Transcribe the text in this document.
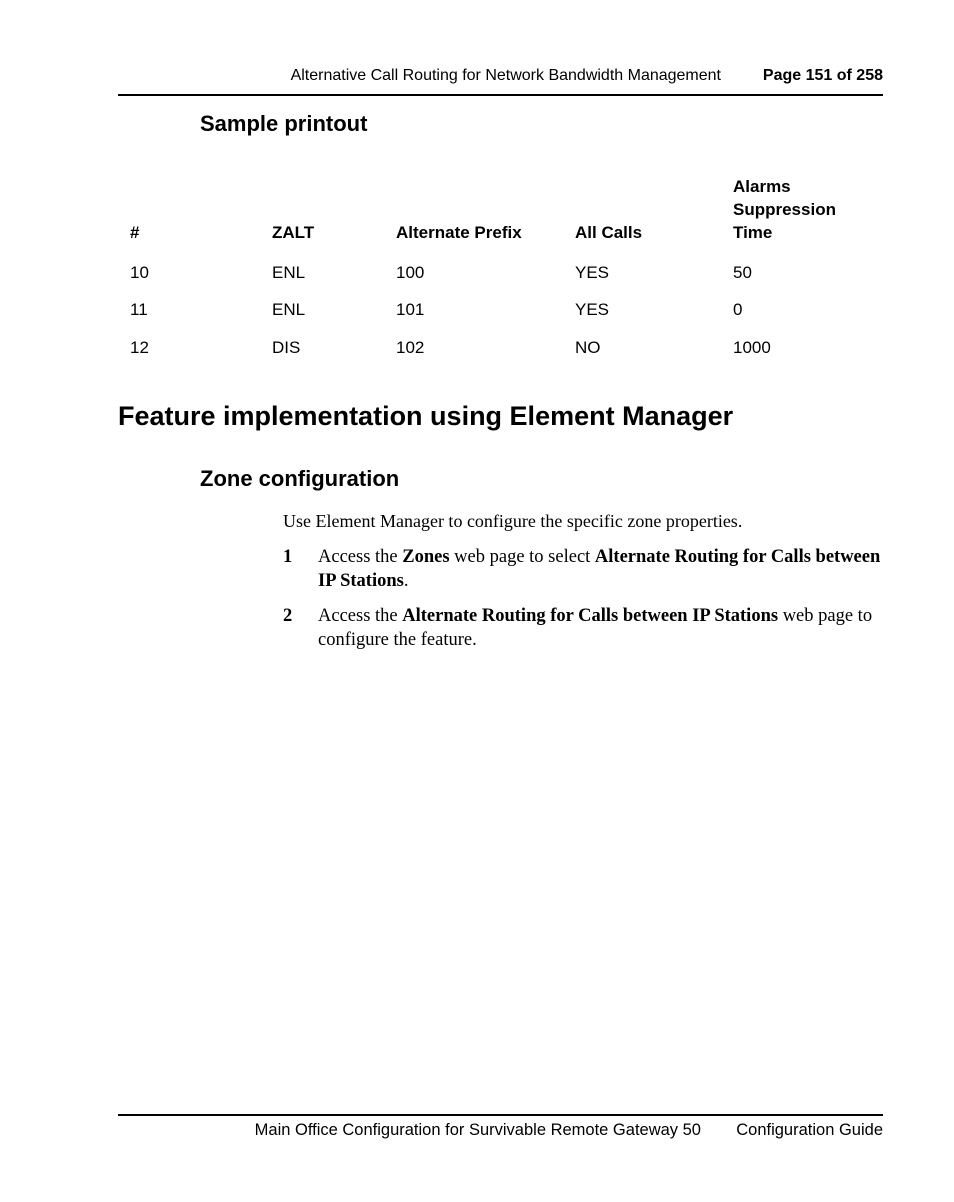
Alternative Call Routing for Network Bandwidth Management	Page 151 of 258
Sample printout
#	ZALT	Alternate Prefix	All Calls	Alarms Suppression Time
10	ENL	100	YES	50
11	ENL	101	YES	0
12	DIS	102	NO	1000
Feature implementation using Element Manager
Zone configuration
Use Element Manager to configure the specific zone properties.
1 Access the Zones web page to select Alternate Routing for Calls between IP Stations.
2 Access the Alternate Routing for Calls between IP Stations web page to configure the feature.
Main Office Configuration for Survivable Remote Gateway 50 Configuration Guide
